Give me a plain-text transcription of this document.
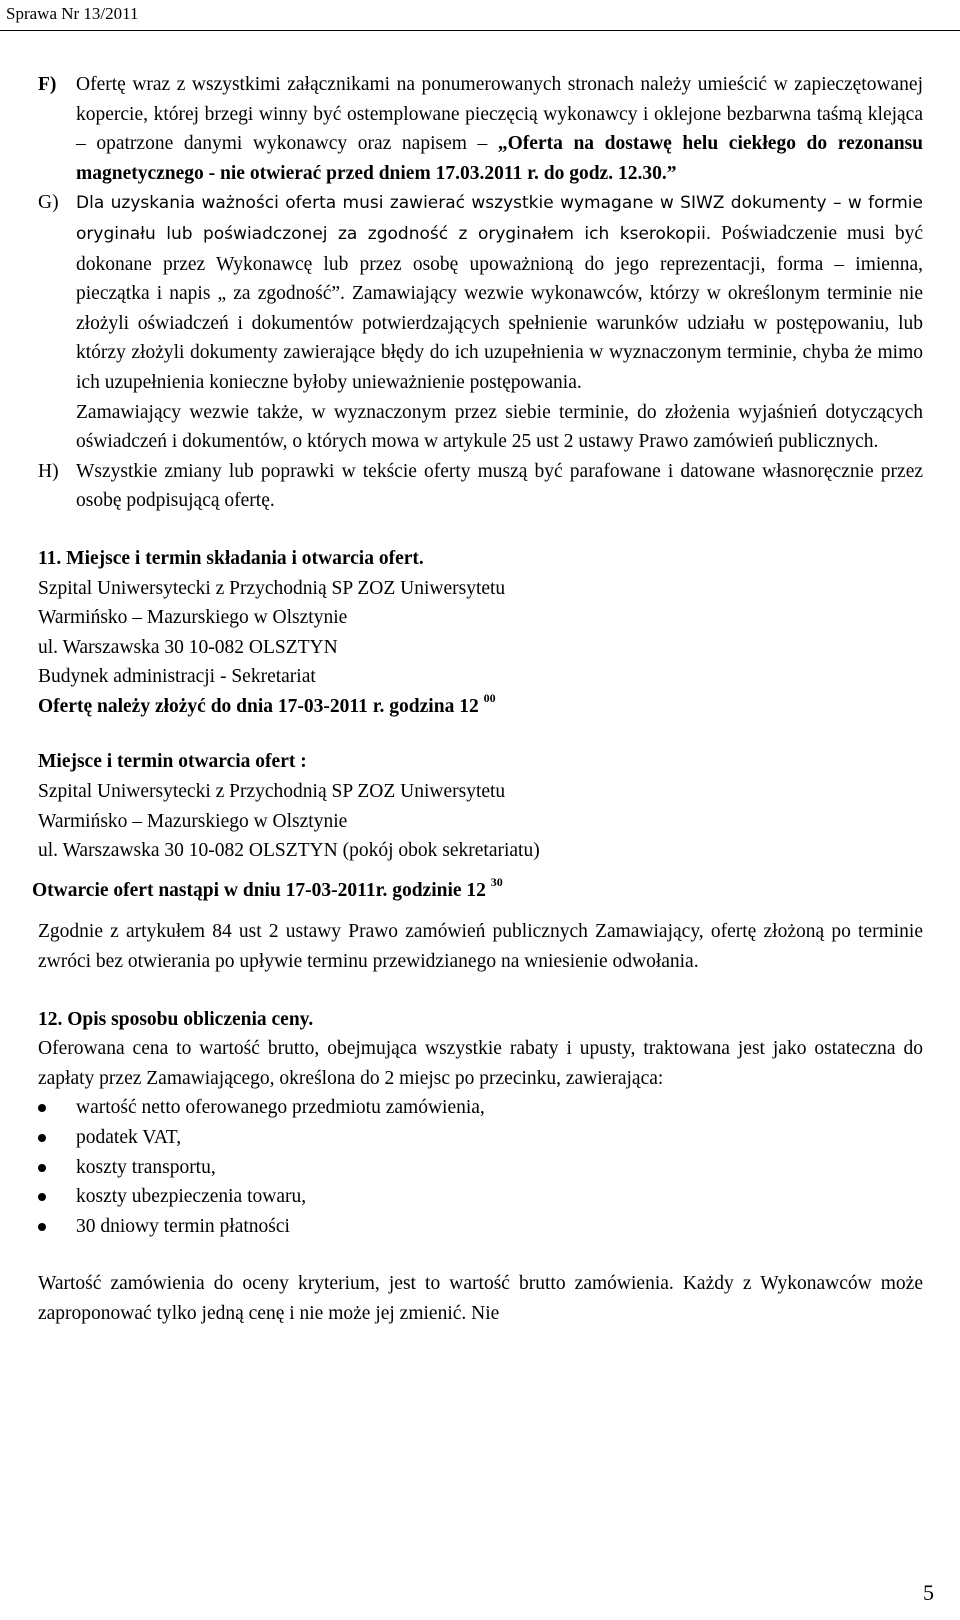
Sprawa Nr 13/2011
F)	Ofertę wraz z wszystkimi załącznikami na ponumerowanych stronach należy umieścić w zapieczętowanej kopercie, której brzegi winny być ostemplowane pieczęcią wykonawcy i oklejone bezbarwna taśmą klejąca – opatrzone danymi wykonawcy oraz napisem – „Oferta na dostawę helu ciekłego do rezonansu magnetycznego - nie otwierać przed dniem 17.03.2011 r. do godz. 12.30.”
G)	Dla uzyskania ważności oferta musi zawierać wszystkie wymagane w SIWZ dokumenty – w formie oryginału lub poświadczonej za zgodność z oryginałem ich kserokopii. Poświadczenie musi być dokonane przez Wykonawcę lub przez osobę upoważnioną do jego reprezentacji, forma – imienna, pieczątka i napis „ za zgodność”. Zamawiający wezwie wykonawców, którzy w określonym terminie nie złożyli oświadczeń i dokumentów potwierdzających spełnienie warunków udziału w postępowaniu, lub którzy złożyli dokumenty zawierające błędy do ich uzupełnienia w wyznaczonym terminie, chyba że mimo ich uzupełnienia konieczne byłoby unieważnienie postępowania.

Zamawiający wezwie także, w wyznaczonym przez siebie terminie, do złożenia wyjaśnień dotyczących oświadczeń i dokumentów, o których mowa w artykule 25 ust 2 ustawy Prawo zamówień publicznych.

H) Wszystkie zmiany lub poprawki w tekście oferty muszą być parafowane i datowane własnoręcznie przez osobę podpisującą ofertę.

11. Miejsce i termin składania i otwarcia ofert.

Szpital Uniwersytecki z Przychodnią SP ZOZ Uniwersytetu

Warmińsko – Mazurskiego w Olsztynie

ul. Warszawska 30 10-082 OLSZTYN

Budynek administracji - Sekretariat

Ofertę należy złożyć do dnia 17-03-2011 r. godzina 12 $^{00}$

Miejsce i termin otwarcia ofert :

Szpital Uniwersytecki z Przychodnią SP ZOZ Uniwersytetu

Warmińsko – Mazurskiego w Olsztynie

ul. Warszawska 30 10-082 OLSZTYN (pokój obok sekretariatu)

Otwarcie ofert nastąpi w dniu 17-03-2011r. godzinie 12 $^{30}$

Zgodnie z artykułem 84 ust 2 ustawy Prawo zamówień publicznych Zamawiający, ofertę złożoną po terminie zwróci bez otwierania po upływie terminu przewidzianego na wniesienie odwołania.

12. Opis sposobu obliczenia ceny.

Oferowana cena to wartość brutto, obejmująca wszystkie rabaty i upusty, traktowana jest jako ostateczna do zapłaty przez Zamawiającego, określona do 2 miejsc po przecinku, zawierająca:

wartość netto oferowanego przedmiotu zamówienia,
podatek VAT,
koszty transportu,
koszty ubezpieczenia towaru,
30 dniowy termin płatności

Wartość zamówienia do oceny kryterium, jest to wartość brutto zamówienia. Każdy z Wykonawców może zaproponować tylko jedną cenę i nie może jej zmienić. Nie

5
